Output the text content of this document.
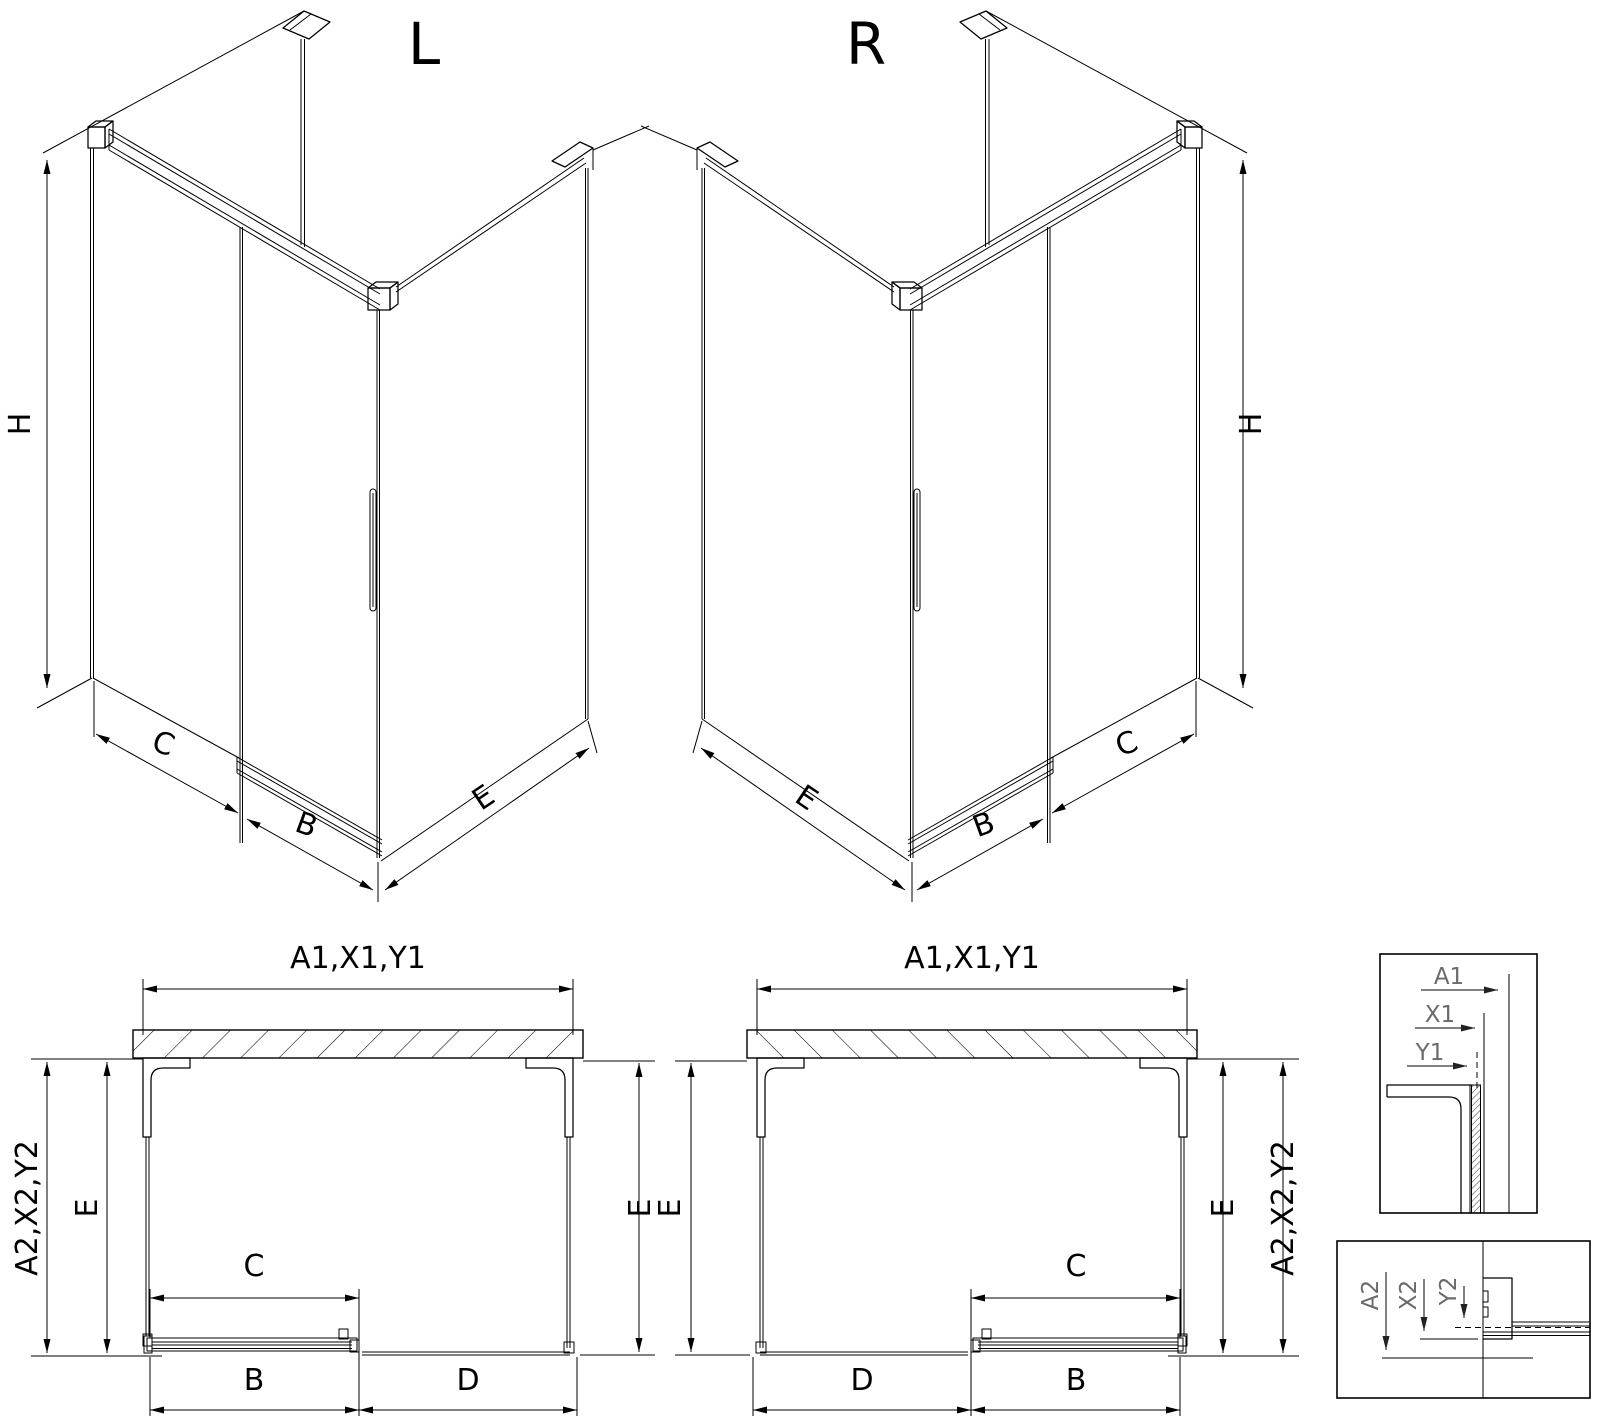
L
H
C
B
E
R
H
C
B
E
A1,X1,Y1
A2,X2,Y2 E	E
C
B	D
A1,X1,Y1
E	E A2,X2,Y2
C
D	B
A1
X1
Y1
A2 X2 Y2
